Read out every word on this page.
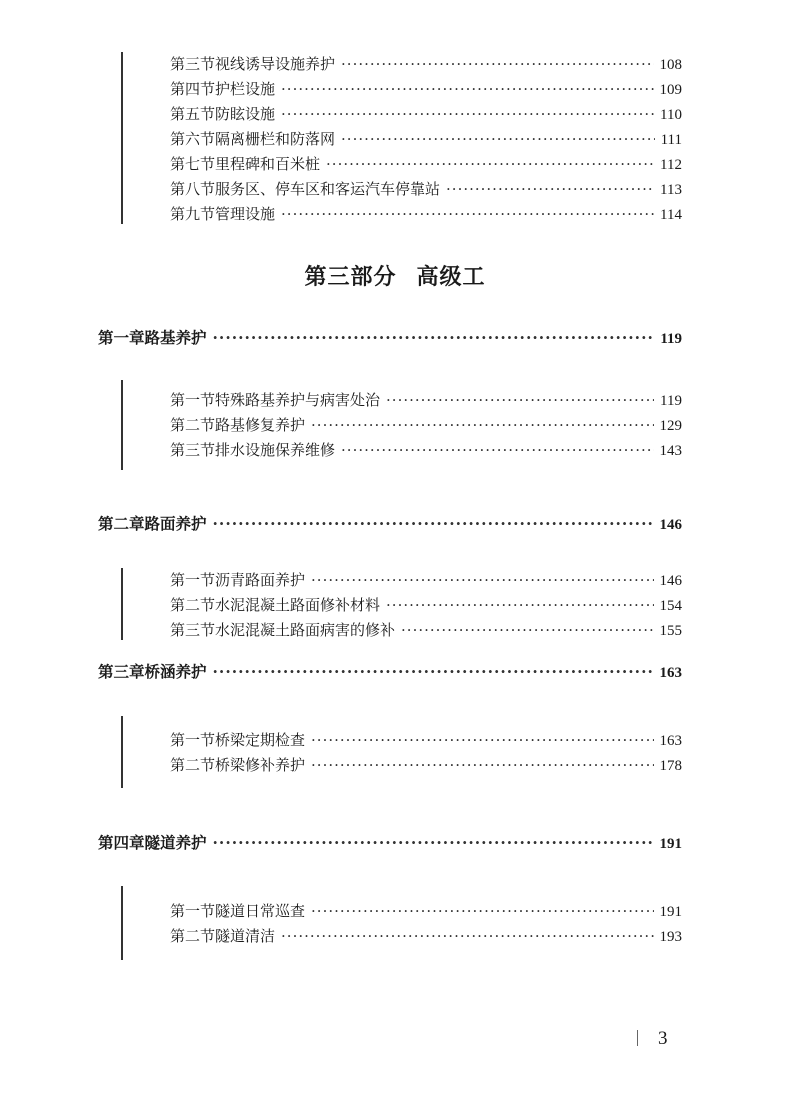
第三节 视线诱导设施养护 ·····	108
第四节 护栏设施 ·····	109
第五节 防眩设施 ·····	110
第六节 隔离栅栏和防落网 ·····	111
第七节 里程碑和百米桩 ·····	112
第八节 服务区、停车区和客运汽车停靠站 ·····	113
第九节 管理设施 ·····	114
第三部分 高级工
第一章 路基养护 ·····	119
第一节 特殊路基养护与病害处治 ·····	119
第二节 路基修复养护 ·····	129
第三节 排水设施保养维修 ·····	143
第二章 路面养护 ·····	146
第一节 沥青路面养护 ·····	146
第二节 水泥混凝土路面修补材料 ·····	154
第三节 水泥混凝土路面病害的修补 ·····	155
第三章 桥涵养护 ·····	163
第一节 桥梁定期检查 ·····	163
第二节 桥梁修补养护 ·····	178
第四章 隧道养护 ·····	191
第一节 隧道日常巡查 ·····	191
第二节 隧道清洁 ·····	193
3
